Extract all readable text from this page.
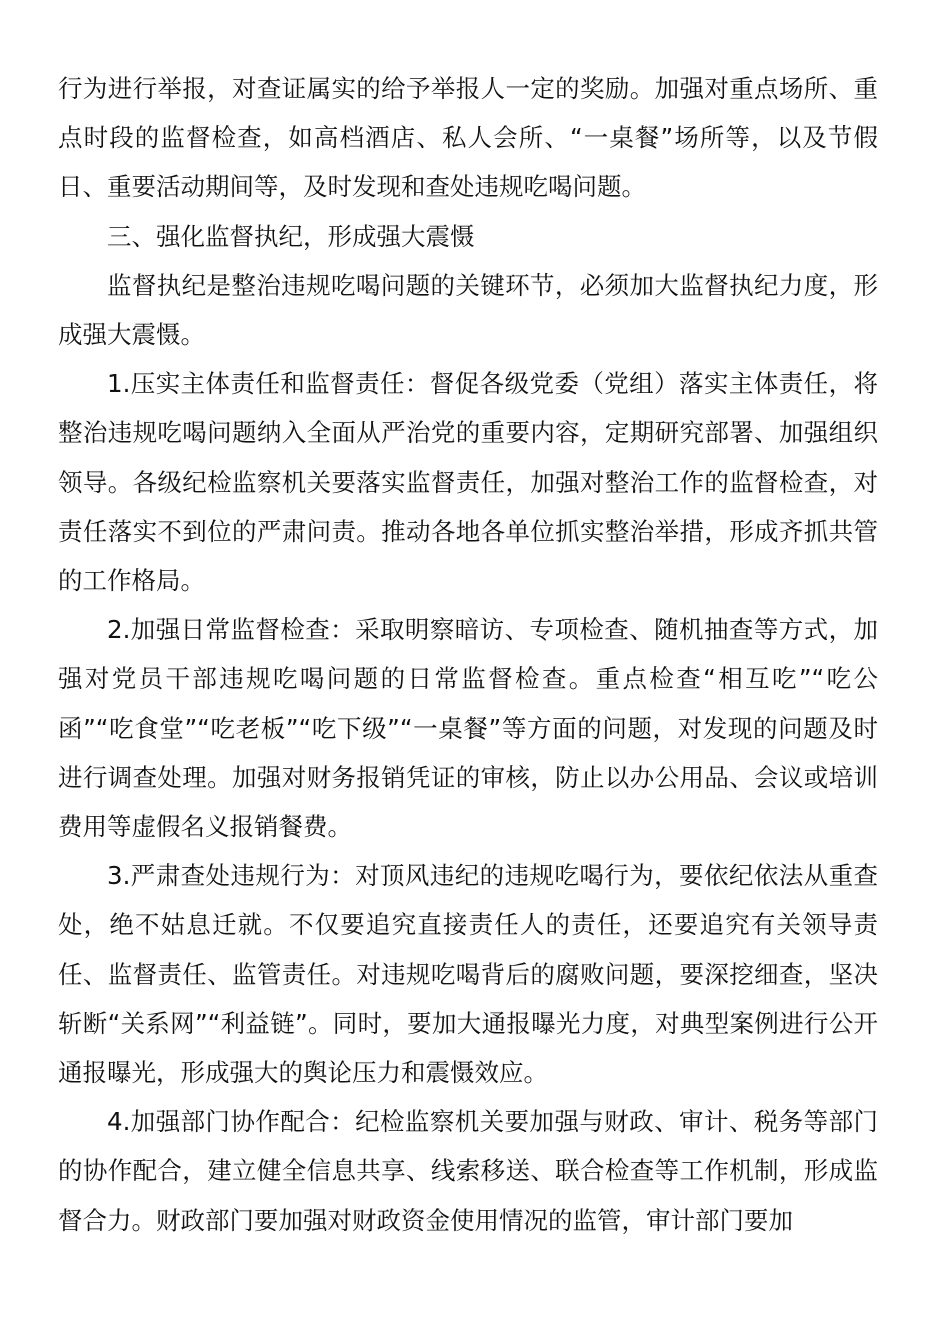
行为进行举报，对查证属实的给予举报人一定的奖励。加强对重点场所、重点时段的监督检查，如高档酒店、私人会所、“一桌餐”场所等，以及节假日、重要活动期间等，及时发现和查处违规吃喝问题。

三、强化监督执纪，形成强大震慑

监督执纪是整治违规吃喝问题的关键环节，必须加大监督执纪力度，形成强大震慑。

1.压实主体责任和监督责任：督促各级党委（党组）落实主体责任，将整治违规吃喝问题纳入全面从严治党的重要内容，定期研究部署、加强组织领导。各级纪检监察机关要落实监督责任，加强对整治工作的监督检查，对责任落实不到位的严肃问责。推动各地各单位抓实整治举措，形成齐抓共管的工作格局。

2.加强日常监督检查：采取明察暗访、专项检查、随机抽查等方式，加强对党员干部违规吃喝问题的日常监督检查。重点检查“相互吃”“吃公函”“吃食堂”“吃老板”“吃下级”“一桌餐”等方面的问题，对发现的问题及时进行调查处理。加强对财务报销凭证的审核，防止以办公用品、会议或培训费用等虚假名义报销餐费。

3.严肃查处违规行为：对顶风违纪的违规吃喝行为，要依纪依法从重查处，绝不姑息迁就。不仅要追究直接责任人的责任，还要追究有关领导责任、监督责任、监管责任。对违规吃喝背后的腐败问题，要深挖细查，坚决斩断“关系网”“利益链”。同时，要加大通报曝光力度，对典型案例进行公开通报曝光，形成强大的舆论压力和震慑效应。

4.加强部门协作配合：纪检监察机关要加强与财政、审计、税务等部门的协作配合，建立健全信息共享、线索移送、联合检查等工作机制，形成监督合力。财政部门要加强对财政资金使用情况的监管，审计部门要加
